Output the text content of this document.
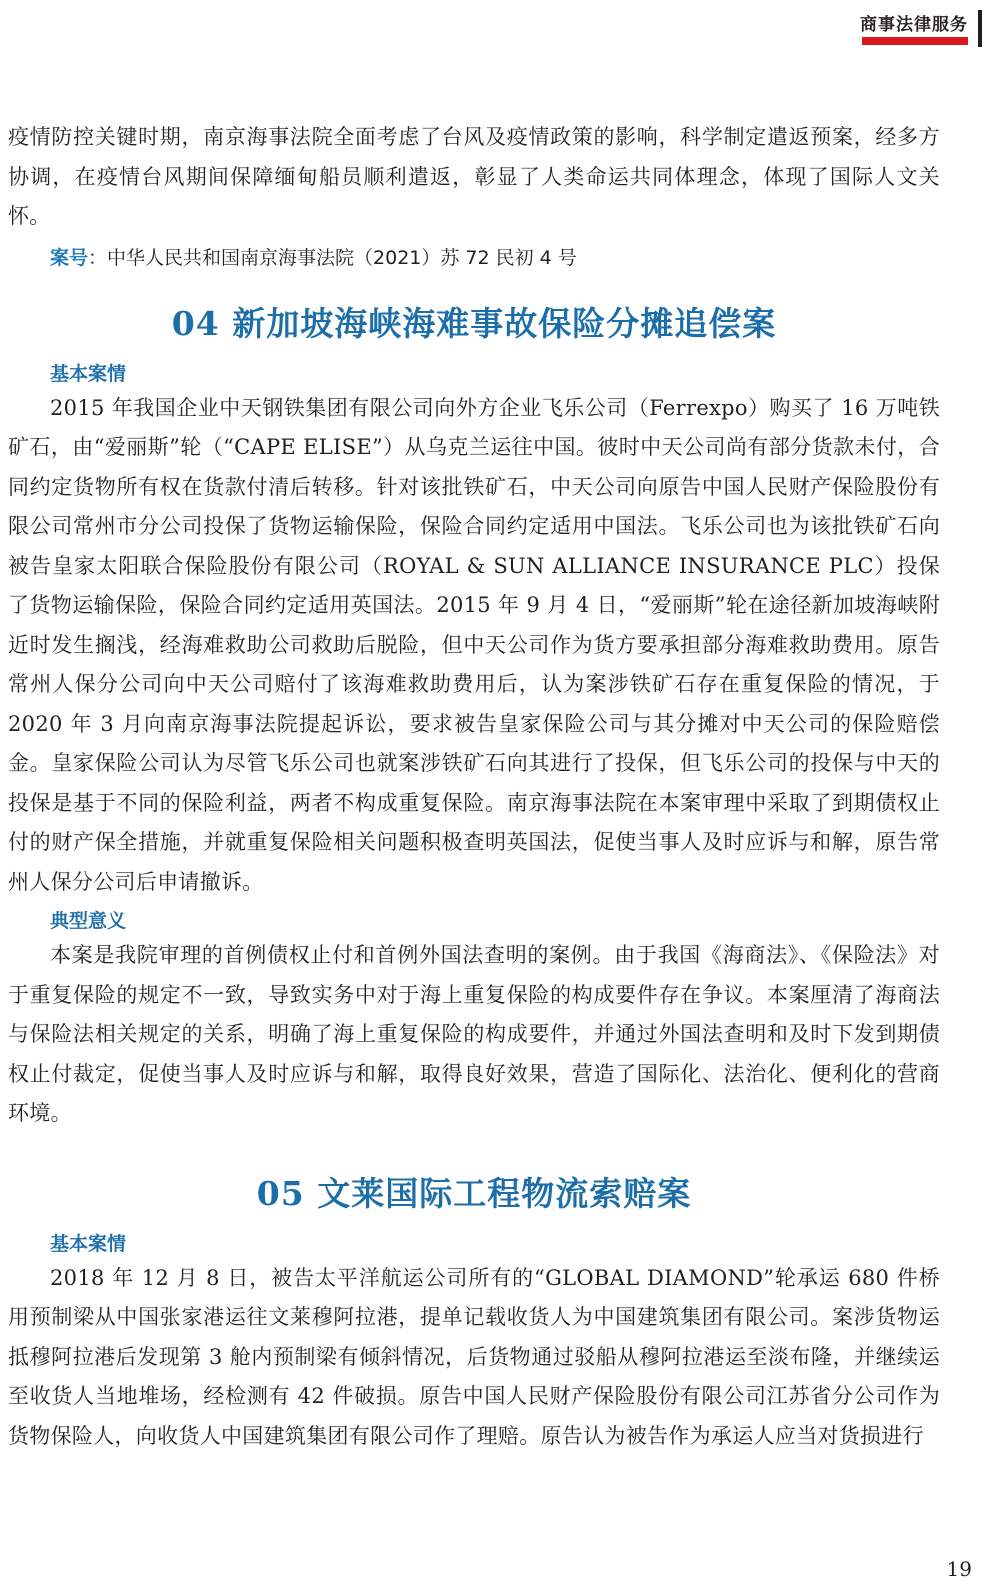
商事法律服务

疫情防控关键时期，南京海事法院全面考虑了台风及疫情政策的影响，科学制定遣返预案，经多方协调，在疫情台风期间保障缅甸船员顺利遣返，彰显了人类命运共同体理念，体现了国际人文关怀。

案号：中华人民共和国南京海事法院（2021）苏 72 民初 4 号

04 新加坡海峡海难事故保险分摊追偿案
基本案情

2015 年我国企业中天钢铁集团有限公司向外方企业飞乐公司（Ferrexpo）购买了 16 万吨铁矿石，由“爱丽斯”轮（“CAPE ELISE”）从乌克兰运往中国。彼时中天公司尚有部分货款未付，合同约定货物所有权在货款付清后转移。针对该批铁矿石，中天公司向原告中国人民财产保险股份有限公司常州市分公司投保了货物运输保险，保险合同约定适用中国法。飞乐公司也为该批铁矿石向被告皇家太阳联合保险股份有限公司（ROYAL & SUN ALLIANCE INSURANCE PLC）投保了货物运输保险，保险合同约定适用英国法。2015 年 9 月 4 日，“爱丽斯”轮在途径新加坡海峡附近时发生搁浅，经海难救助公司救助后脱险，但中天公司作为货方要承担部分海难救助费用。原告常州人保分公司向中天公司赔付了该海难救助费用后，认为案涉铁矿石存在重复保险的情况，于 2020 年 3 月向南京海事法院提起诉讼，要求被告皇家保险公司与其分摊对中天公司的保险赔偿金。皇家保险公司认为尽管飞乐公司也就案涉铁矿石向其进行了投保，但飞乐公司的投保与中天的投保是基于不同的保险利益，两者不构成重复保险。南京海事法院在本案审理中采取了到期债权止付的财产保全措施，并就重复保险相关问题积极查明英国法，促使当事人及时应诉与和解，原告常州人保分公司后申请撤诉。

典型意义

本案是我院审理的首例债权止付和首例外国法查明的案例。由于我国《海商法》、《保险法》对于重复保险的规定不一致，导致实务中对于海上重复保险的构成要件存在争议。本案厘清了海商法与保险法相关规定的关系，明确了海上重复保险的构成要件，并通过外国法查明和及时下发到期债权止付裁定，促使当事人及时应诉与和解，取得良好效果，营造了国际化、法治化、便利化的营商环境。

05 文莱国际工程物流索赔案
基本案情

2018 年 12 月 8 日，被告太平洋航运公司所有的“GLOBAL DIAMOND”轮承运 680 件桥用预制梁从中国张家港运往文莱穆阿拉港，提单记载收货人为中国建筑集团有限公司。案涉货物运抵穆阿拉港后发现第 3 舱内预制梁有倾斜情况，后货物通过驳船从穆阿拉港运至淡布隆，并继续运至收货人当地堆场，经检测有 42 件破损。原告中国人民财产保险股份有限公司江苏省分公司作为货物保险人，向收货人中国建筑集团有限公司作了理赔。原告认为被告作为承运人应当对货损进行

19
